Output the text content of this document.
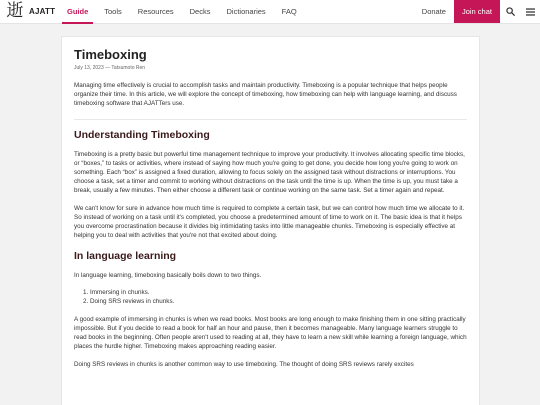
逝 AJATT	Guide	Tools	Resources	Decks	Dictionaries	FAQ	Donate	Join chat
Timeboxing
July 13, 2023 — Tatsumoto Ren

Managing time effectively is crucial to accomplish tasks and maintain productivity. Timeboxing is a popular technique that helps people organize their time. In this article, we will explore the concept of timeboxing, how timeboxing can help with language learning, and discuss timeboxing software that AJATTers use.

Understanding Timeboxing

Timeboxing is a pretty basic but powerful time management technique to improve your productivity. It involves allocating specific time blocks, or “boxes,” to tasks or activities, where instead of saying how much you're going to get done, you decide how long you're going to work on something. Each “box” is assigned a fixed duration, allowing to focus solely on the assigned task without distractions or interruptions. You choose a task, set a timer and commit to working without distractions on the task until the time is up. When the time is up, you must take a break, usually a few minutes. Then either choose a different task or continue working on the same task. Set a timer again and repeat.

We can't know for sure in advance how much time is required to complete a certain task, but we can control how much time we allocate to it. So instead of working on a task until it's completed, you choose a predetermined amount of time to work on it. The basic idea is that it helps you overcome procrastination because it divides big intimidating tasks into little manageable chunks. Timeboxing is especially effective at helping you to deal with activities that you're not that excited about doing.

In language learning

In language learning, timeboxing basically boils down to two things.

1. Immersing in chunks.
2. Doing SRS reviews in chunks.

A good example of immersing in chunks is when we read books. Most books are long enough to make finishing them in one sitting practically impossible. But if you decide to read a book for half an hour and pause, then it becomes manageable. Many language learners struggle to read books in the beginning. Often people aren't used to reading at all, they have to learn a new skill while learning a foreign language, which places the hurdle higher. Timeboxing makes approaching reading easier.

Doing SRS reviews in chunks is another common way to use timeboxing. The thought of doing SRS reviews rarely excites
